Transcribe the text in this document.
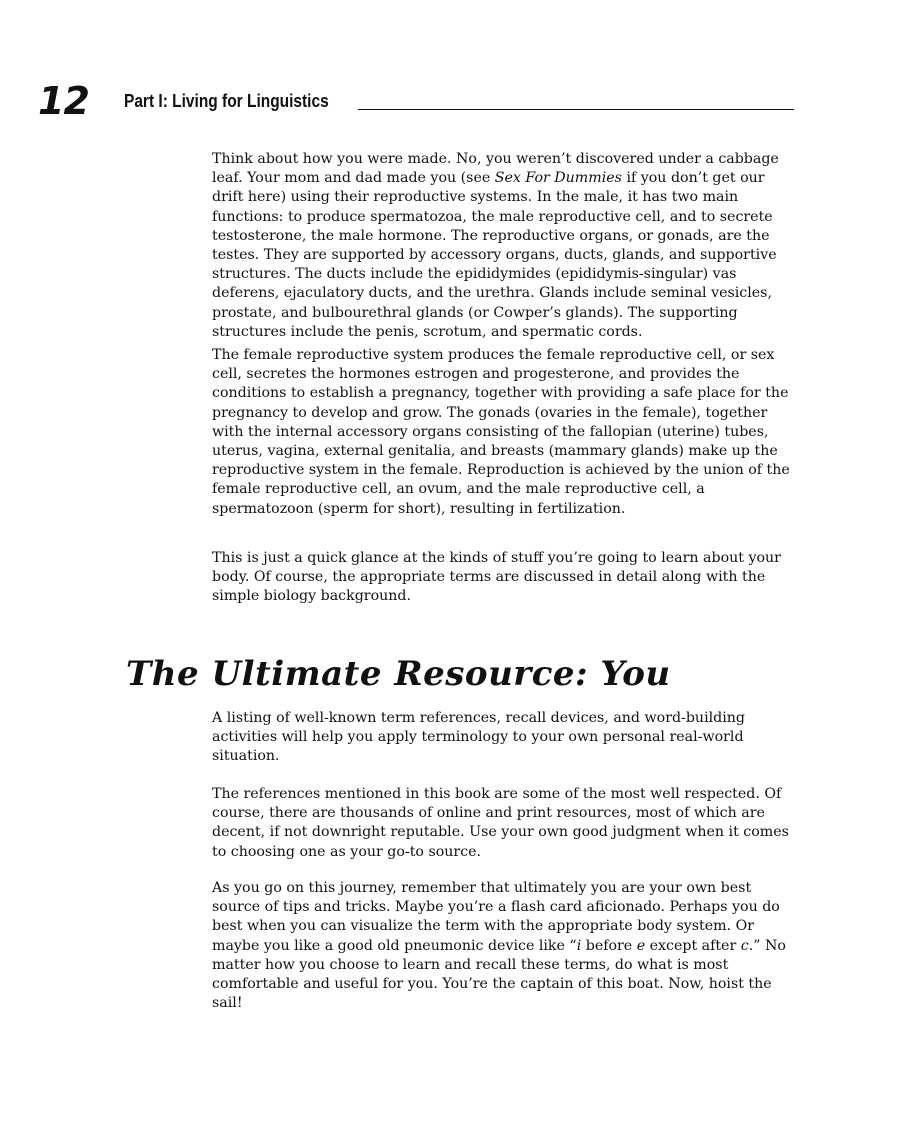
12 Part I: Living for Linguistics

Think about how you were made. No, you weren’t discovered under a cabbage leaf. Your mom and dad made you (see Sex For Dummies if you don’t get our drift here) using their reproductive systems. In the male, it has two main functions: to produce spermatozoa, the male reproductive cell, and to secrete testosterone, the male hormone. The reproductive organs, or gonads, are the testes. They are supported by accessory organs, ducts, glands, and supportive structures. The ducts include the epididymides (epididymis-singular) vas deferens, ejaculatory ducts, and the urethra. Glands include seminal vesicles, prostate, and bulbourethral glands (or Cowper’s glands). The supporting structures include the penis, scrotum, and spermatic cords.

The female reproductive system produces the female reproductive cell, or sex cell, secretes the hormones estrogen and progesterone, and provides the conditions to establish a pregnancy, together with providing a safe place for the pregnancy to develop and grow. The gonads (ovaries in the female), together with the internal accessory organs consisting of the fallopian (uterine) tubes, uterus, vagina, external genitalia, and breasts (mammary glands) make up the reproductive system in the female. Reproduction is achieved by the union of the female reproductive cell, an ovum, and the male reproductive cell, a spermatozoon (sperm for short), resulting in fertilization.

This is just a quick glance at the kinds of stuff you’re going to learn about your body. Of course, the appropriate terms are discussed in detail along with the simple biology background.

The Ultimate Resource: You

A listing of well-known term references, recall devices, and word-building activities will help you apply terminology to your own personal real-world situation.

The references mentioned in this book are some of the most well respected. Of course, there are thousands of online and print resources, most of which are decent, if not downright reputable. Use your own good judgment when it comes to choosing one as your go-to source.

As you go on this journey, remember that ultimately you are your own best source of tips and tricks. Maybe you’re a flash card aficionado. Perhaps you do best when you can visualize the term with the appropriate body system. Or maybe you like a good old pneumonic device like “i before e except after c.” No matter how you choose to learn and recall these terms, do what is most comfortable and useful for you. You’re the captain of this boat. Now, hoist the sail!
